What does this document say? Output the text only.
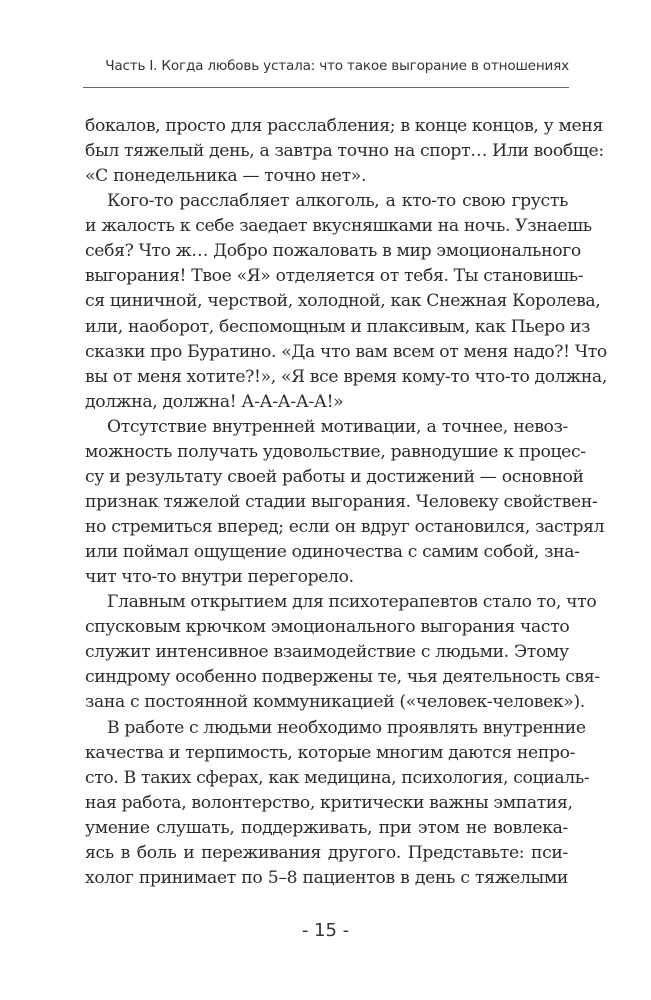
Часть I. Когда любовь устала: что такое выгорание в отношениях
бокалов, просто для расслабления; в конце концов, у меня
был тяжелый день, а завтра точно на спорт… Или вообще:
«С понедельника — точно нет».
Кого-то расслабляет алкоголь, а кто-то свою грусть
и жалость к себе заедает вкусняшками на ночь. Узнаешь
себя? Что ж… Добро пожаловать в мир эмоционального
выгорания! Твое «Я» отделяется от тебя. Ты становишь-
ся циничной, черствой, холодной, как Снежная Королева,
или, наоборот, беспомощным и плаксивым, как Пьеро из
сказки про Буратино. «Да что вам всем от меня надо?! Что
вы от меня хотите?!», «Я все время кому-то что-то должна,
должна, должна! А-А-А-А-А!»
Отсутствие внутренней мотивации, а точнее, невоз-
можность получать удовольствие, равнодушие к процес-
су и результату своей работы и достижений — основной
признак тяжелой стадии выгорания. Человеку свойствен-
но стремиться вперед; если он вдруг остановился, застрял
или поймал ощущение одиночества с самим собой, зна-
чит что-то внутри перегорело.
Главным открытием для психотерапевтов стало то, что
спусковым крючком эмоционального выгорания часто
служит интенсивное взаимодействие с людьми. Этому
синдрому особенно подвержены те, чья деятельность свя-
зана с постоянной коммуникацией («человек-человек»).
В работе с людьми необходимо проявлять внутренние
качества и терпимость, которые многим даются непро-
сто. В таких сферах, как медицина, психология, социаль-
ная работа, волонтерство, критически важны эмпатия,
умение слушать, поддерживать, при этом не вовлека-
ясь в боль и переживания другого. Представьте: пси-
холог принимает по 5–8 пациентов в день с тяжелыми
- 15 -
